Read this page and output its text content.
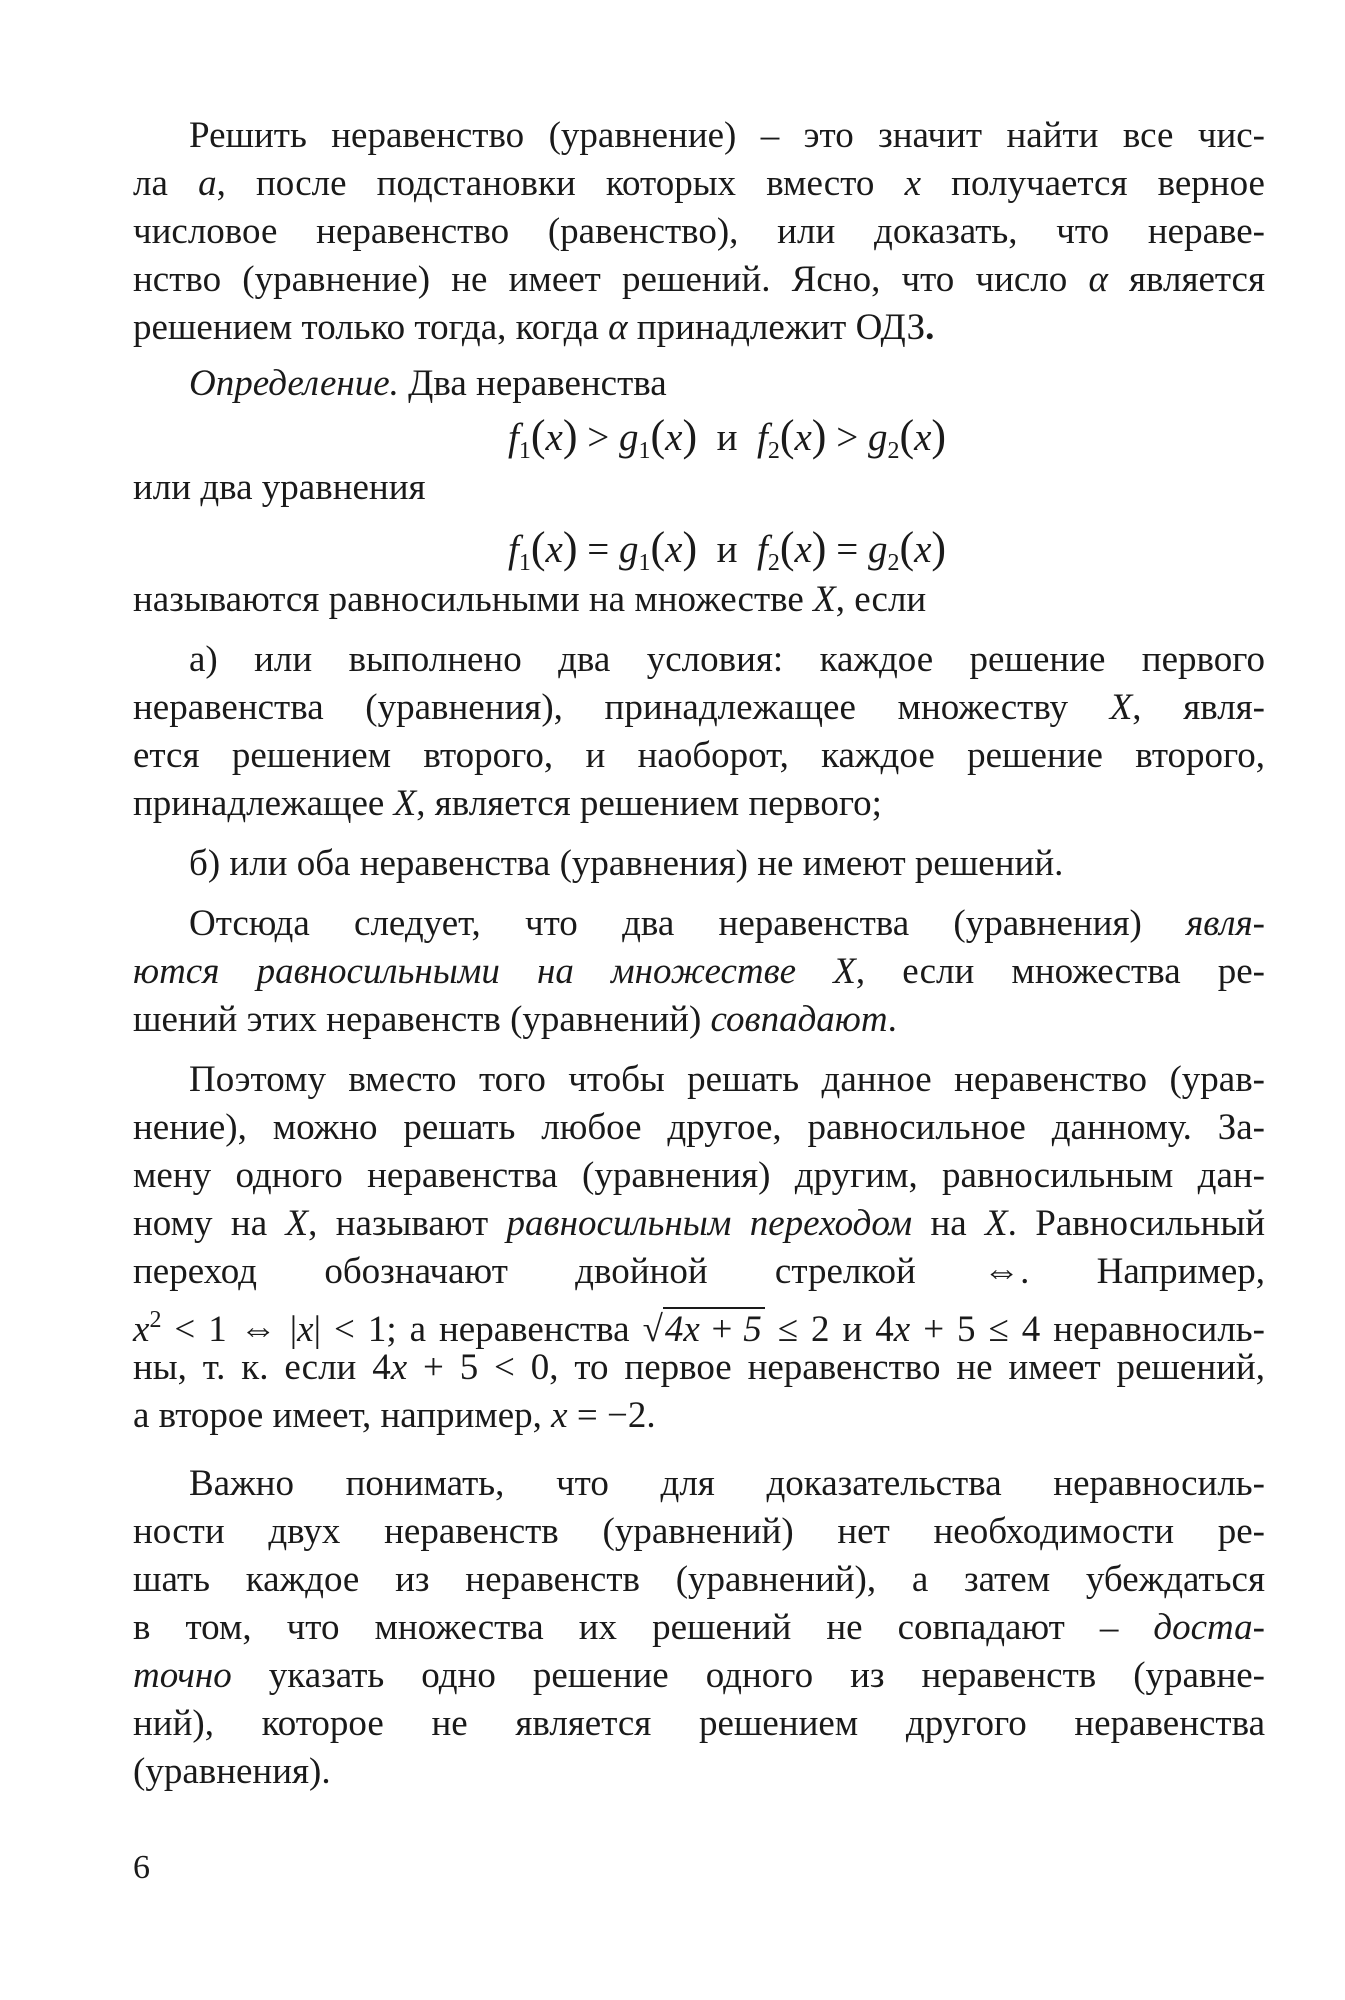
Решить неравенство (уравнение) – это значит найти все чис-
ла a, после подстановки которых вместо x получается верное
числовое неравенство (равенство), или доказать, что нераве-
нство (уравнение) не имеет решений. Ясно, что число α является
решением только тогда, когда α принадлежит ОДЗ.
Определение. Два неравенства
$f_1(x) > g_1(x)$  и  $f_2(x) > g_2(x)$
или два уравнения
$f_1(x) = g_1(x)$  и  $f_2(x) = g_2(x)$
называются равносильными на множестве X, если
а) или выполнено два условия: каждое решение первого
неравенства (уравнения), принадлежащее множеству X, явля-
ется решением второго, и наоборот, каждое решение второго,
принадлежащее X, является решением первого;
б) или оба неравенства (уравнения) не имеют решений.
Отсюда следует, что два неравенства (уравнения) явля-
ются равносильными на множестве X, если множества ре-
шений этих неравенств (уравнений) совпадают.
Поэтому вместо того чтобы решать данное неравенство (урав-
нение), можно решать любое другое, равносильное данному. За-
мену одного неравенства (уравнения) другим, равносильным дан-
ному на X, называют равносильным переходом на X. Равносильный
переход обозначают двойной стрелкой ⇔. Например,
$x^2 < 1$ ⇔ |x| < 1; а неравенства √4x + 5 ≤ 2 и 4x + 5 ≤ 4 неравносиль-
ны, т. к. если 4x + 5 < 0, то первое неравенство не имеет решений,
а второе имеет, например, x = −2.
Важно понимать, что для доказательства неравносиль-
ности двух неравенств (уравнений) нет необходимости ре-
шать каждое из неравенств (уравнений), а затем убеждаться
в том, что множества их решений не совпадают – доста-
точно указать одно решение одного из неравенств (уравне-
ний), которое не является решением другого неравенства
(уравнения).
6
